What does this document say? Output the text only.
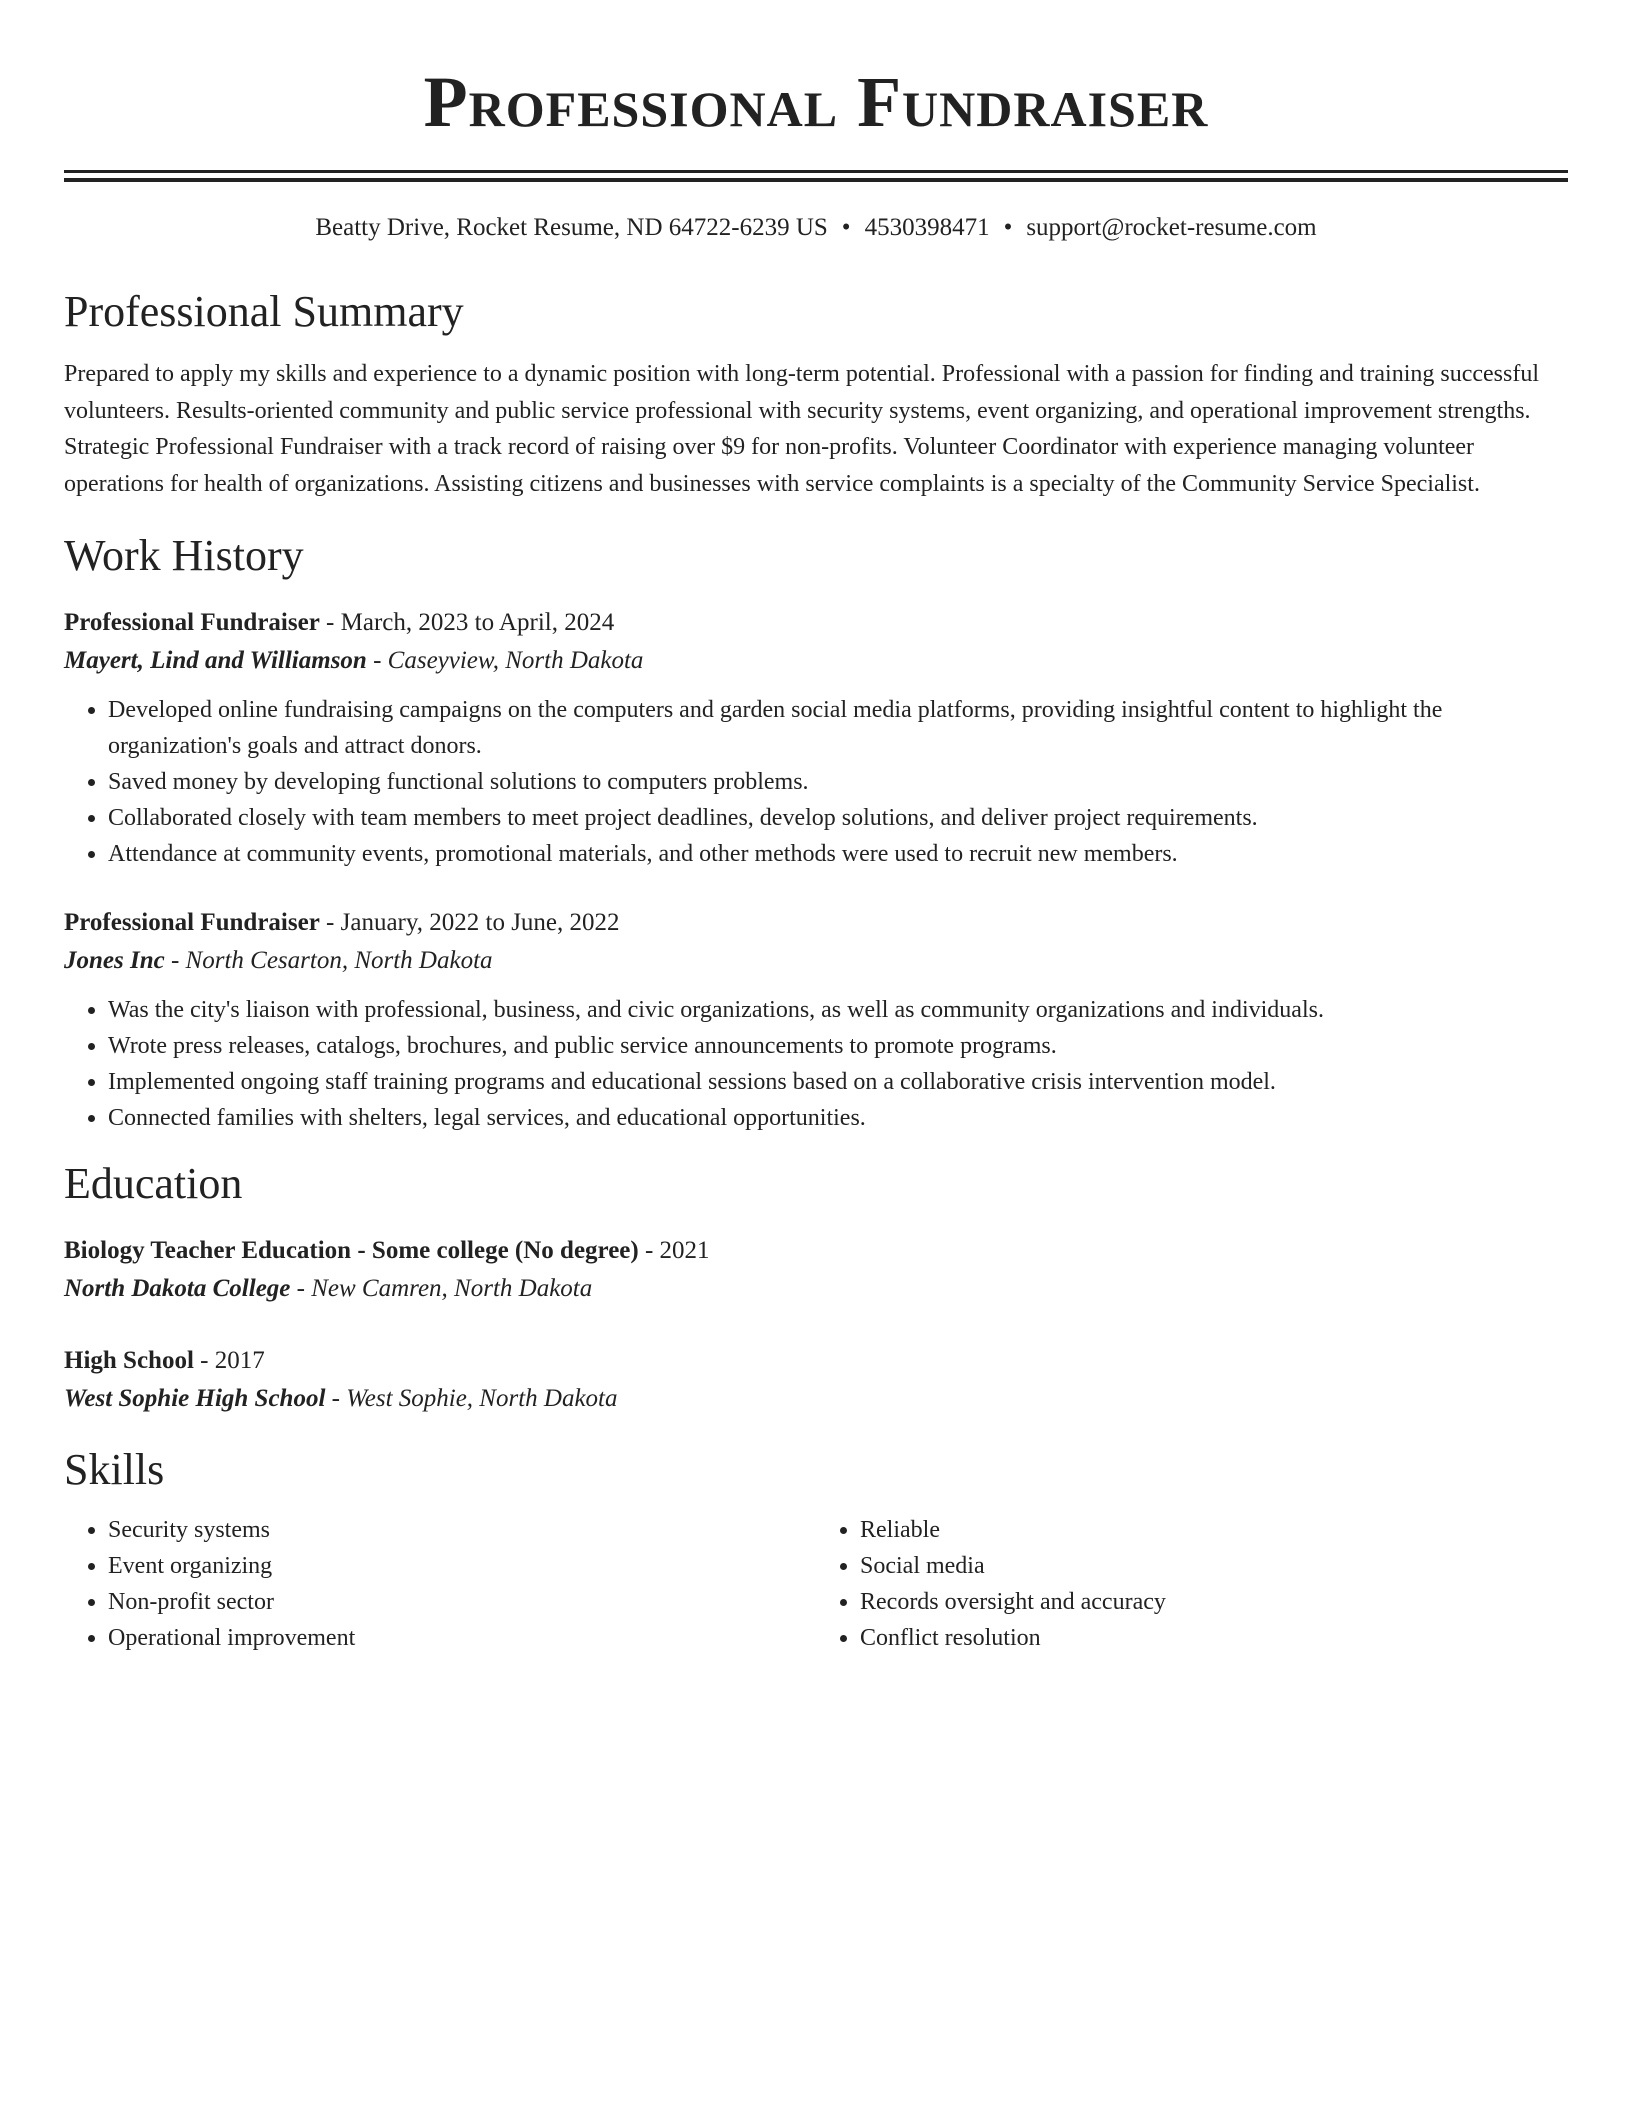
Professional Fundraiser
Beatty Drive, Rocket Resume, ND 64722-6239 US • 4530398471 • support@rocket-resume.com
Professional Summary
Prepared to apply my skills and experience to a dynamic position with long-term potential. Professional with a passion for finding and training successful volunteers. Results-oriented community and public service professional with security systems, event organizing, and operational improvement strengths. Strategic Professional Fundraiser with a track record of raising over $9 for non-profits. Volunteer Coordinator with experience managing volunteer operations for health of organizations. Assisting citizens and businesses with service complaints is a specialty of the Community Service Specialist.
Work History
Professional Fundraiser - March, 2023 to April, 2024
Mayert, Lind and Williamson - Caseyview, North Dakota
• Developed online fundraising campaigns on the computers and garden social media platforms, providing insightful content to highlight the organization's goals and attract donors.
• Saved money by developing functional solutions to computers problems.
• Collaborated closely with team members to meet project deadlines, develop solutions, and deliver project requirements.
• Attendance at community events, promotional materials, and other methods were used to recruit new members.
Professional Fundraiser - January, 2022 to June, 2022
Jones Inc - North Cesarton, North Dakota
• Was the city's liaison with professional, business, and civic organizations, as well as community organizations and individuals.
• Wrote press releases, catalogs, brochures, and public service announcements to promote programs.
• Implemented ongoing staff training programs and educational sessions based on a collaborative crisis intervention model.
• Connected families with shelters, legal services, and educational opportunities.
Education
Biology Teacher Education - Some college (No degree) - 2021
North Dakota College - New Camren, North Dakota
High School - 2017
West Sophie High School - West Sophie, North Dakota
Skills
• Security systems
• Event organizing
• Non-profit sector
• Operational improvement
• Reliable
• Social media
• Records oversight and accuracy
• Conflict resolution
